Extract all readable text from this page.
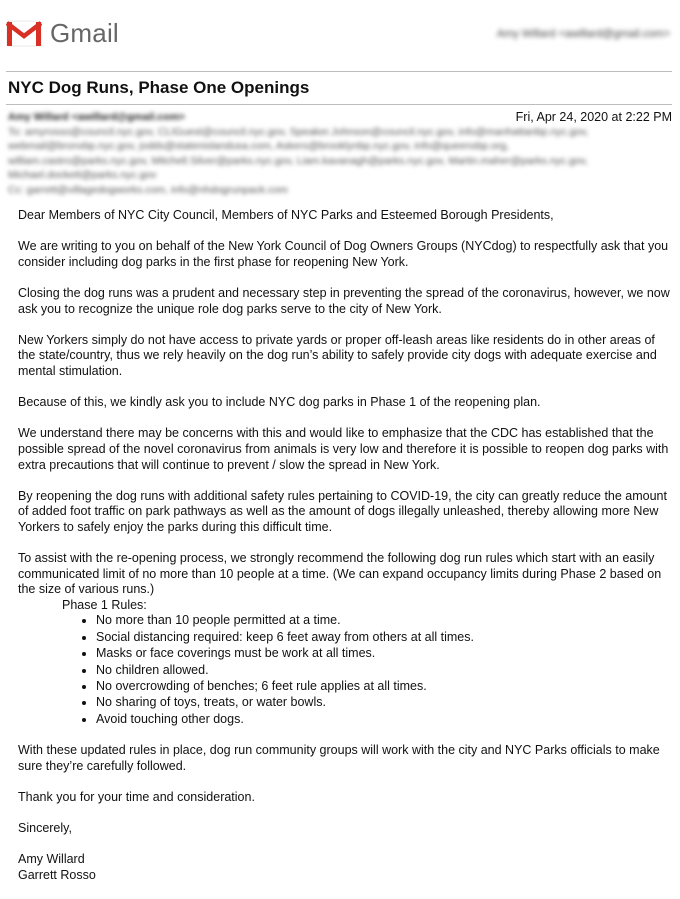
Gmail	Amy Willard <awillard@gmail.com>
NYC Dog Runs, Phase One Openings
Fri, Apr 24, 2020 at 2:22 PM
Amy Willard <awillard@gmail.com>
To: amyrosso@council.nyc.gov, CLIGuest@council.nyc.gov, Speaker.Johnson@council.nyc.gov, info@manhattanbp.nyc.gov,
webmail@bronxbp.nyc.gov, jodds@statenislandusa.com, Askers@brooklynbp.nyc.gov, info@queensbp.org,
william.castro@parks.nyc.gov, Mitchell.Silver@parks.nyc.gov, Liam.kavanagh@parks.nyc.gov, Martin.maher@parks.nyc.gov,
Michael.dockett@parks.nyc.gov
Cc: garrett@villagedogworks.com, info@nhdogrunpack.com

Dear Members of NYC City Council, Members of NYC Parks and Esteemed Borough Presidents,

We are writing to you on behalf of the New York Council of Dog Owners Groups (NYCdog) to respectfully ask that you consider including dog parks in the first phase for reopening New York.

Closing the dog runs was a prudent and necessary step in preventing the spread of the coronavirus, however, we now ask you to recognize the unique role dog parks serve to the city of New York.

New Yorkers simply do not have access to private yards or proper off-leash areas like residents do in other areas of the state/country, thus we rely heavily on the dog run’s ability to safely provide city dogs with adequate exercise and mental stimulation.

Because of this, we kindly ask you to include NYC dog parks in Phase 1 of the reopening plan.

We understand there may be concerns with this and would like to emphasize that the CDC has established that the possible spread of the novel coronavirus from animals is very low and therefore it is possible to reopen dog parks with extra precautions that will continue to prevent / slow the spread in New York.

By reopening the dog runs with additional safety rules pertaining to COVID-19, the city can greatly reduce the amount of added foot traffic on park pathways as well as the amount of dogs illegally unleashed, thereby allowing more New Yorkers to safely enjoy the parks during this difficult time.

To assist with the re-opening process, we strongly recommend the following dog run rules which start with an easily communicated limit of no more than 10 people at a time. (We can expand occupancy limits during Phase 2 based on the size of various runs.)

Phase 1 Rules:
• No more than 10 people permitted at a time.
• Social distancing required: keep 6 feet away from others at all times.
• Masks or face coverings must be work at all times.
• No children allowed.
• No overcrowding of benches; 6 feet rule applies at all times.
• No sharing of toys, treats, or water bowls.
• Avoid touching other dogs.

With these updated rules in place, dog run community groups will work with the city and NYC Parks officials to make sure they’re carefully followed.

Thank you for your time and consideration.

Sincerely,

Amy Willard
Garrett Rosso
